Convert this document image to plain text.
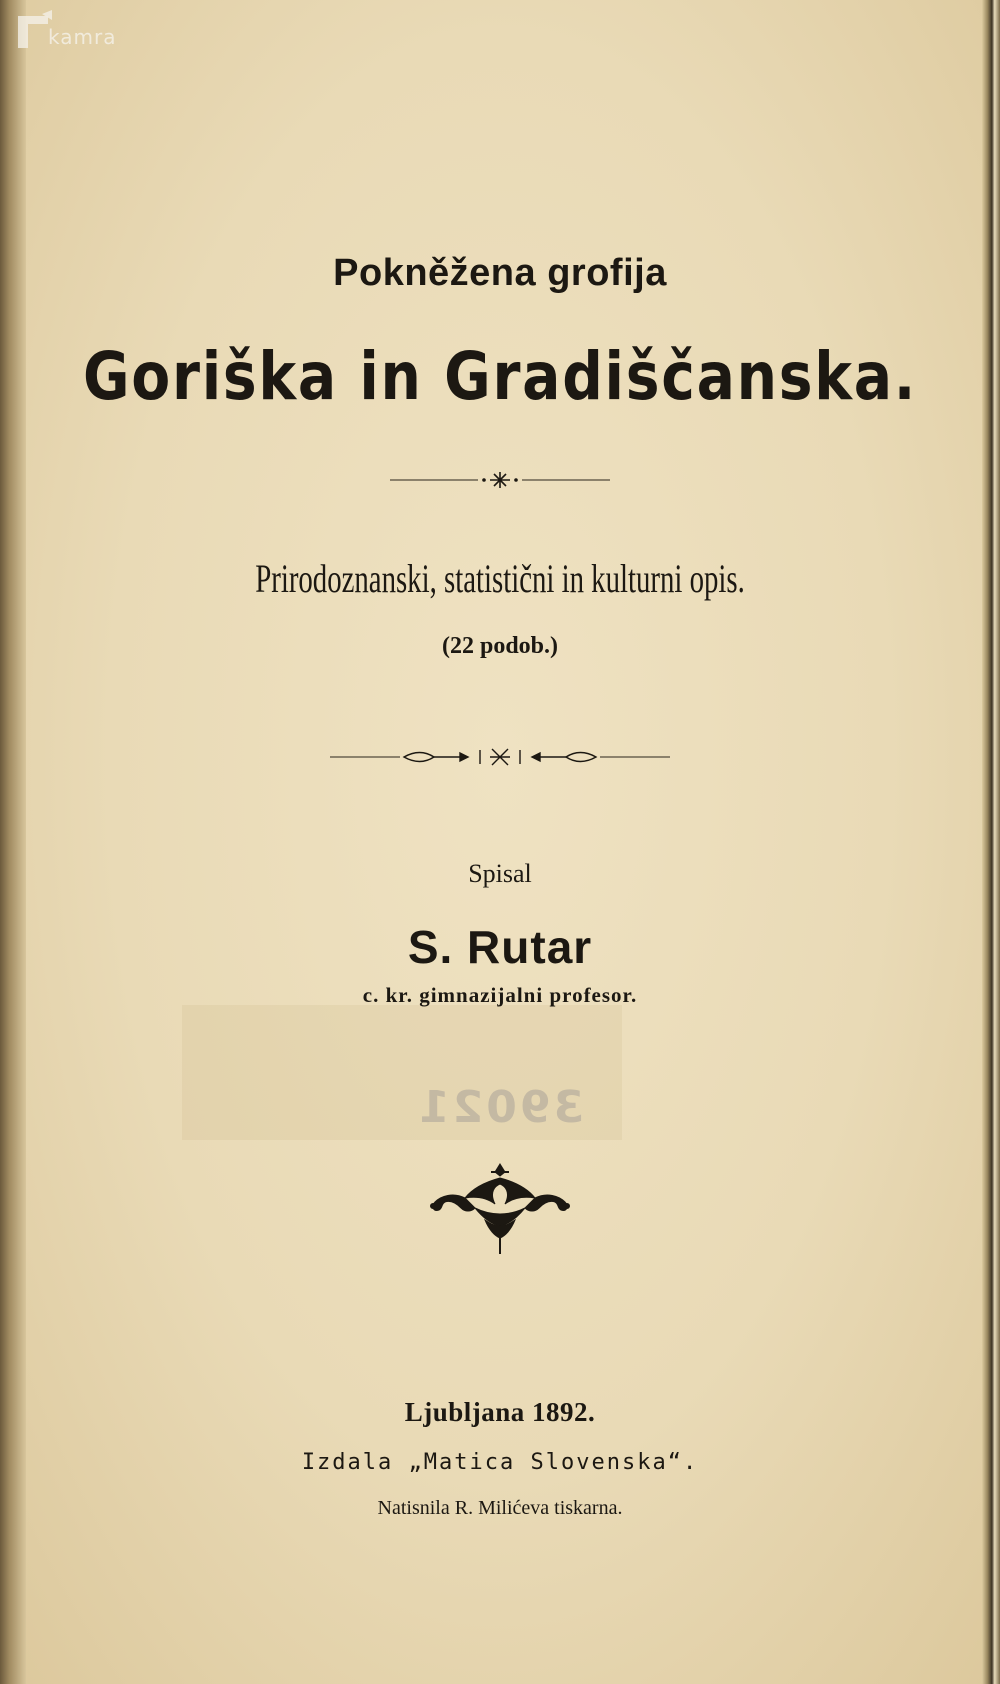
kamra
Pokněžena grofija
Goriška in Gradiščanska.
Prirodoznanski, statistični in kulturni opis.
(22 podob.)
Spisal
S. Rutar
c. kr. gimnazijalni profesor.
39021
Ljubljana 1892.
Izdala „Matica Slovenska“.
Natisnila R. Milićeva tiskarna.
